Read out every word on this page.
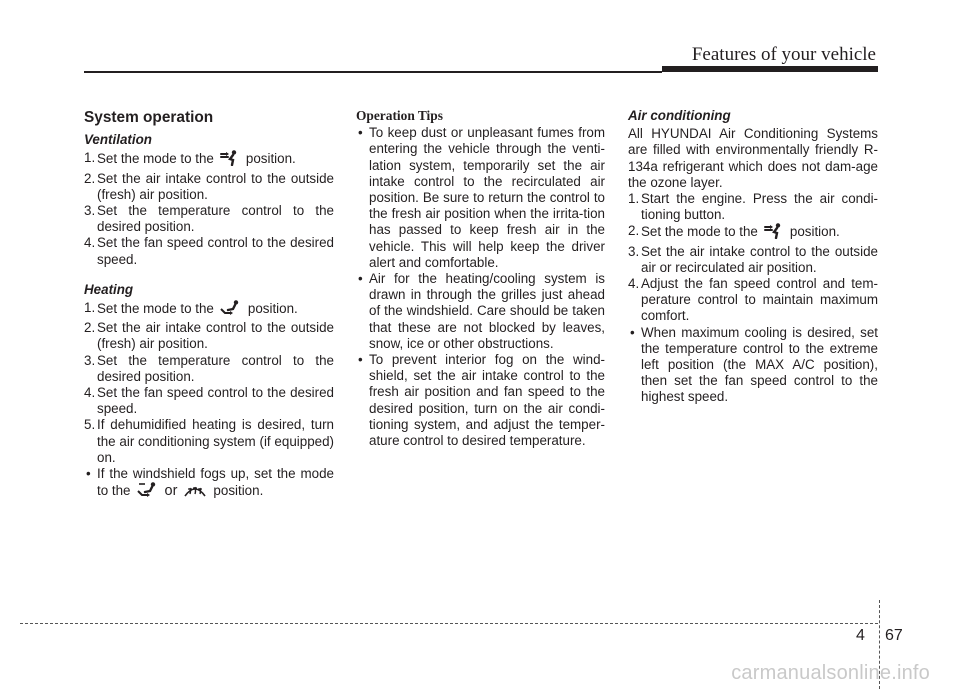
Features of your vehicle
System operation
Ventilation

1. Set the mode to the position.

2. Set the air intake control to the outside (fresh) air position.

3. Set the temperature control to the desired position.

4. Set the fan speed control to the desired speed.

Heating

1. Set the mode to the	position.

2. Set the air intake control to the outside (fresh) air position.

3. Set the temperature control to the desired position.

4. Set the fan speed control to the desired speed.

5. If dehumidified heating is desired, turn the air conditioning system (if equipped) on.

• If the windshield fogs up, set the mode to the or	position.

Operation Tips

• To keep dust or unpleasant fumes from entering the vehicle through the venti-lation system, temporarily set the air intake control to the recirculated air position. Be sure to return the control to the fresh air position when the irrita-tion has passed to keep fresh air in the vehicle. This will help keep the driver alert and comfortable.

• Air for the heating/cooling system is drawn in through the grilles just ahead of the windshield. Care should be taken that these are not blocked by leaves, snow, ice or other obstructions.

• To prevent interior fog on the wind-shield, set the air intake control to the fresh air position and fan speed to the desired position, turn on the air condi-tioning system, and adjust the temper-ature control to desired temperature.

Air conditioning

All HYUNDAI Air Conditioning Systems are filled with environmentally friendly R-134a refrigerant which does not dam-age the ozone layer.

1. Start the engine. Press the air condi-tioning button.

2. Set the mode to the position.

3. Set the air intake control to the outside air or recirculated air position.

4. Adjust the fan speed control and tem-perature control to maintain maximum comfort.

• When maximum cooling is desired, set the temperature control to the extreme left position (the MAX A/C position), then set the fan speed control to the highest speed.

4 67
carmanualsonline.info
